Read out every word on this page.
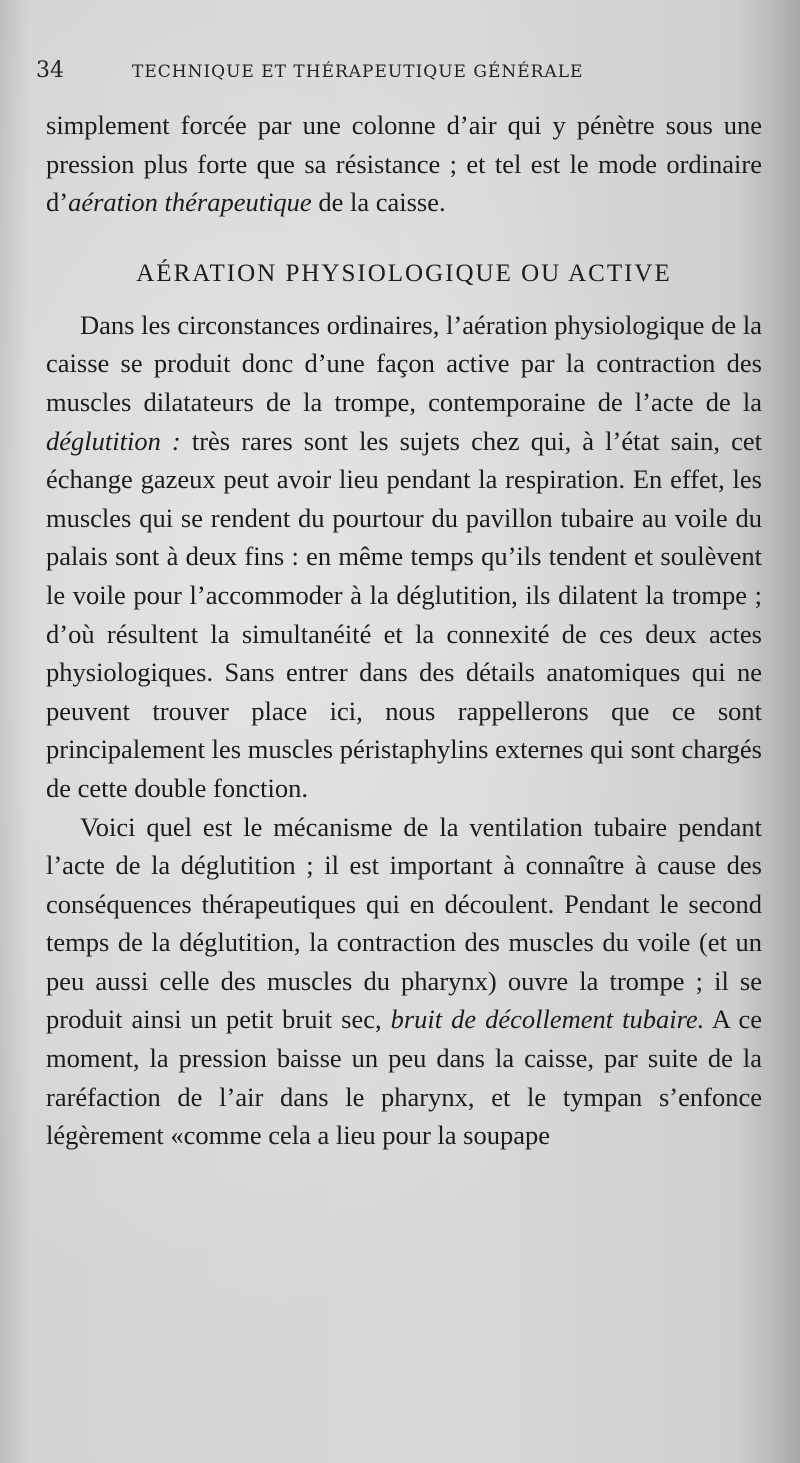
34	TECHNIQUE ET THÉRAPEUTIQUE GÉNÉRALE

simplement forcée par une colonne d’air qui y pénètre sous une pression plus forte que sa résistance ; et tel est le mode ordinaire d’aération thérapeutique de la caisse.

AÉRATION PHYSIOLOGIQUE OU ACTIVE

Dans les circonstances ordinaires, l’aération physiologique de la caisse se produit donc d’une façon active par la contraction des muscles dilatateurs de la trompe, contemporaine de l’acte de la déglutition : très rares sont les sujets chez qui, à l’état sain, cet échange gazeux peut avoir lieu pendant la respiration. En effet, les muscles qui se rendent du pourtour du pavillon tubaire au voile du palais sont à deux fins : en même temps qu’ils tendent et soulèvent le voile pour l’accommoder à la déglutition, ils dilatent la trompe ; d’où résultent la simultanéité et la connexité de ces deux actes physiologiques. Sans entrer dans des détails anatomiques qui ne peuvent trouver place ici, nous rappellerons que ce sont principalement les muscles péristaphylins externes qui sont chargés de cette double fonction.

Voici quel est le mécanisme de la ventilation tubaire pendant l’acte de la déglutition ; il est important à connaître à cause des conséquences thérapeutiques qui en découlent. Pendant le second temps de la déglutition, la contraction des muscles du voile (et un peu aussi celle des muscles du pharynx) ouvre la trompe ; il se produit ainsi un petit bruit sec, bruit de décollement tubaire. A ce moment, la pression baisse un peu dans la caisse, par suite de la raréfaction de l’air dans le pharynx, et le tympan s’enfonce légèrement «comme cela a lieu pour la soupape
